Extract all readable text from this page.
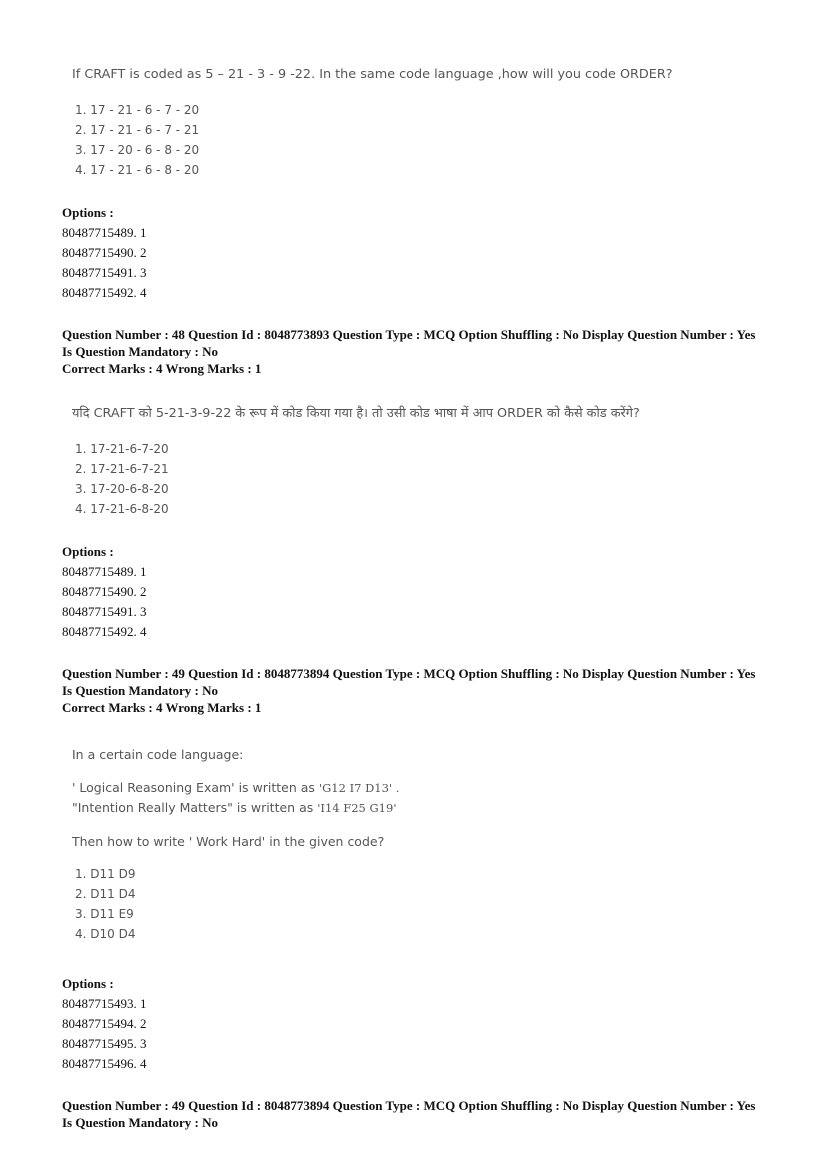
If CRAFT is coded as 5 – 21 - 3 - 9 -22. In the same code language ,how will you code ORDER?
1. 17 - 21 - 6 - 7 - 20
2. 17 - 21 - 6 - 7 - 21
3. 17 - 20 - 6 - 8 - 20
4. 17 - 21 - 6 - 8 - 20
Options :
80487715489. 1
80487715490. 2
80487715491. 3
80487715492. 4
Question Number : 48 Question Id : 8048773893 Question Type : MCQ Option Shuffling : No Display Question Number : Yes
Is Question Mandatory : No
Correct Marks : 4 Wrong Marks : 1
यदि CRAFT को 5-21-3-9-22 के रूप में कोड किया गया है। तो उसी कोड भाषा में आप ORDER को कैसे कोड करेंगे?
1. 17-21-6-7-20
2. 17-21-6-7-21
3. 17-20-6-8-20
4. 17-21-6-8-20
Options :
80487715489. 1
80487715490. 2
80487715491. 3
80487715492. 4
Question Number : 49 Question Id : 8048773894 Question Type : MCQ Option Shuffling : No Display Question Number : Yes
Is Question Mandatory : No
Correct Marks : 4 Wrong Marks : 1
In a certain code language:
' Logical Reasoning Exam' is written as 'G12 I7 D13' .
"Intention Really Matters" is written as 'I14 F25 G19'
Then how to write ' Work Hard' in the given code?
1. D11 D9
2. D11 D4
3. D11 E9
4. D10 D4
Options :
80487715493. 1
80487715494. 2
80487715495. 3
80487715496. 4
Question Number : 49 Question Id : 8048773894 Question Type : MCQ Option Shuffling : No Display Question Number : Yes
Is Question Mandatory : No
